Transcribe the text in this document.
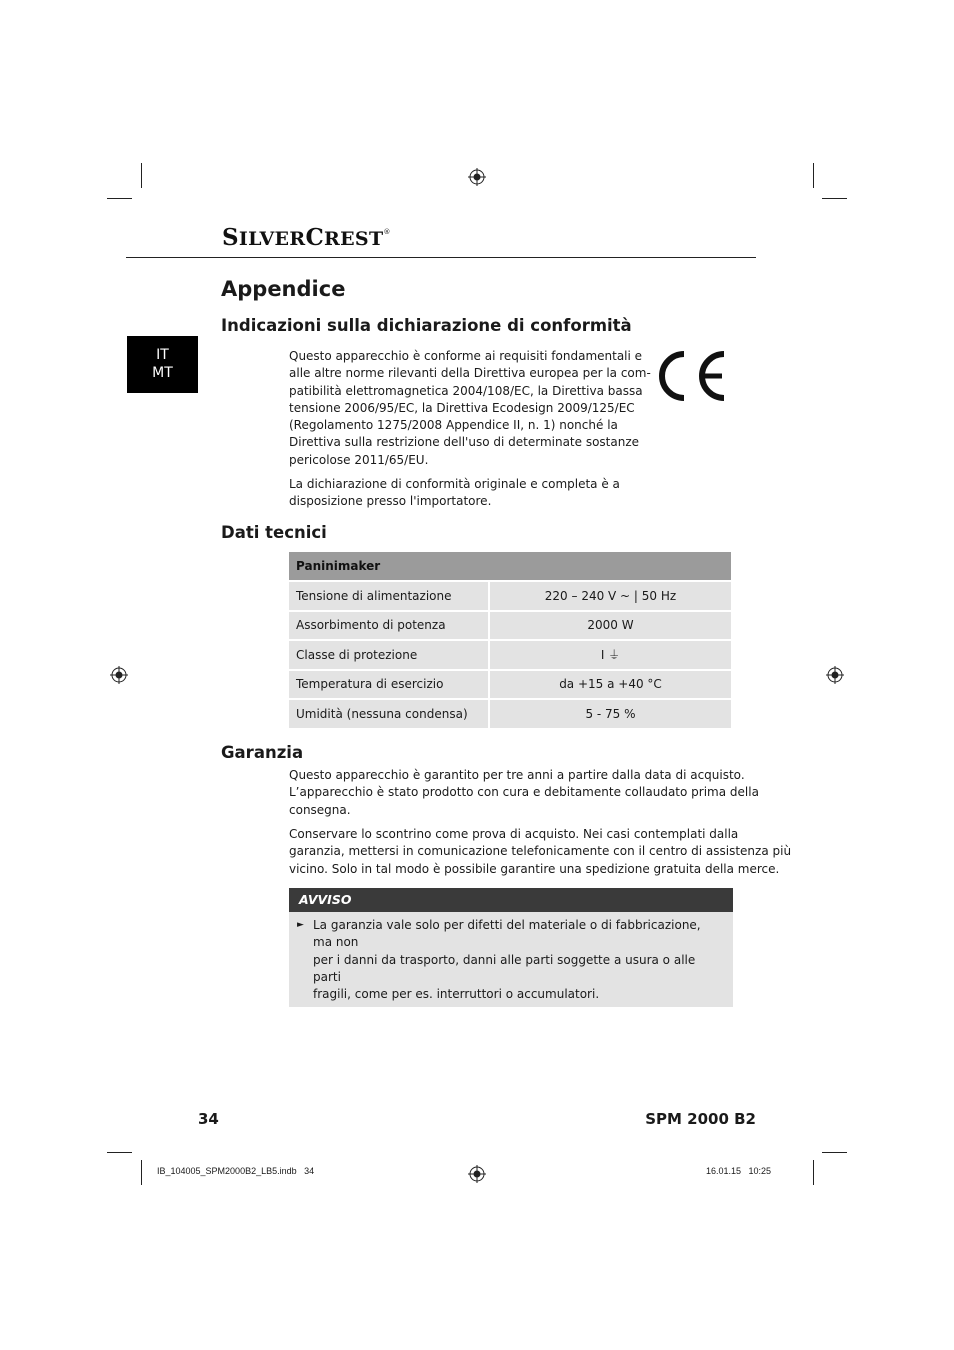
SILVERCREST®
Appendice
IT
MT
Indicazioni sulla dichiarazione di conformità
Questo apparecchio è conforme ai requisiti fondamentali e
alle altre norme rilevanti della Direttiva europea per la com-
patibilità elettromagnetica 2004/108/EC, la Direttiva bassa
tensione 2006/95/EC, la Direttiva Ecodesign 2009/125/EC
(Regolamento 1275/2008 Appendice II, n. 1) nonché la
Direttiva sulla restrizione dell'uso di determinate sostanze
pericolose 2011/65/EU.
La dichiarazione di conformità originale e completa è a
disposizione presso l'importatore.
Dati tecnici
Paninimaker	
Tensione di alimentazione	220 – 240 V ~ | 50 Hz
Assorbimento di potenza	2000 W
Classe di protezione	I ⏚
Temperatura di esercizio	da +15 a +40 °C
Umidità (nessuna condensa)	5 - 75 %
Garanzia
Questo apparecchio è garantito per tre anni a partire dalla data di acquisto.
L’apparecchio è stato prodotto con cura e debitamente collaudato prima della
consegna.
Conservare lo scontrino come prova di acquisto. Nei casi contemplati dalla
garanzia, mettersi in comunicazione telefonicamente con il centro di assistenza più
vicino. Solo in tal modo è possibile garantire una spedizione gratuita della merce.
AVVISO
► La garanzia vale solo per difetti del materiale o di fabbricazione, ma non
per i danni da trasporto, danni alle parti soggette a usura o alle parti
fragili, come per es. interruttori o accumulatori.
34	SPM 2000 B2
IB_104005_SPM2000B2_LB5.indb   34	16.01.15   10:25
